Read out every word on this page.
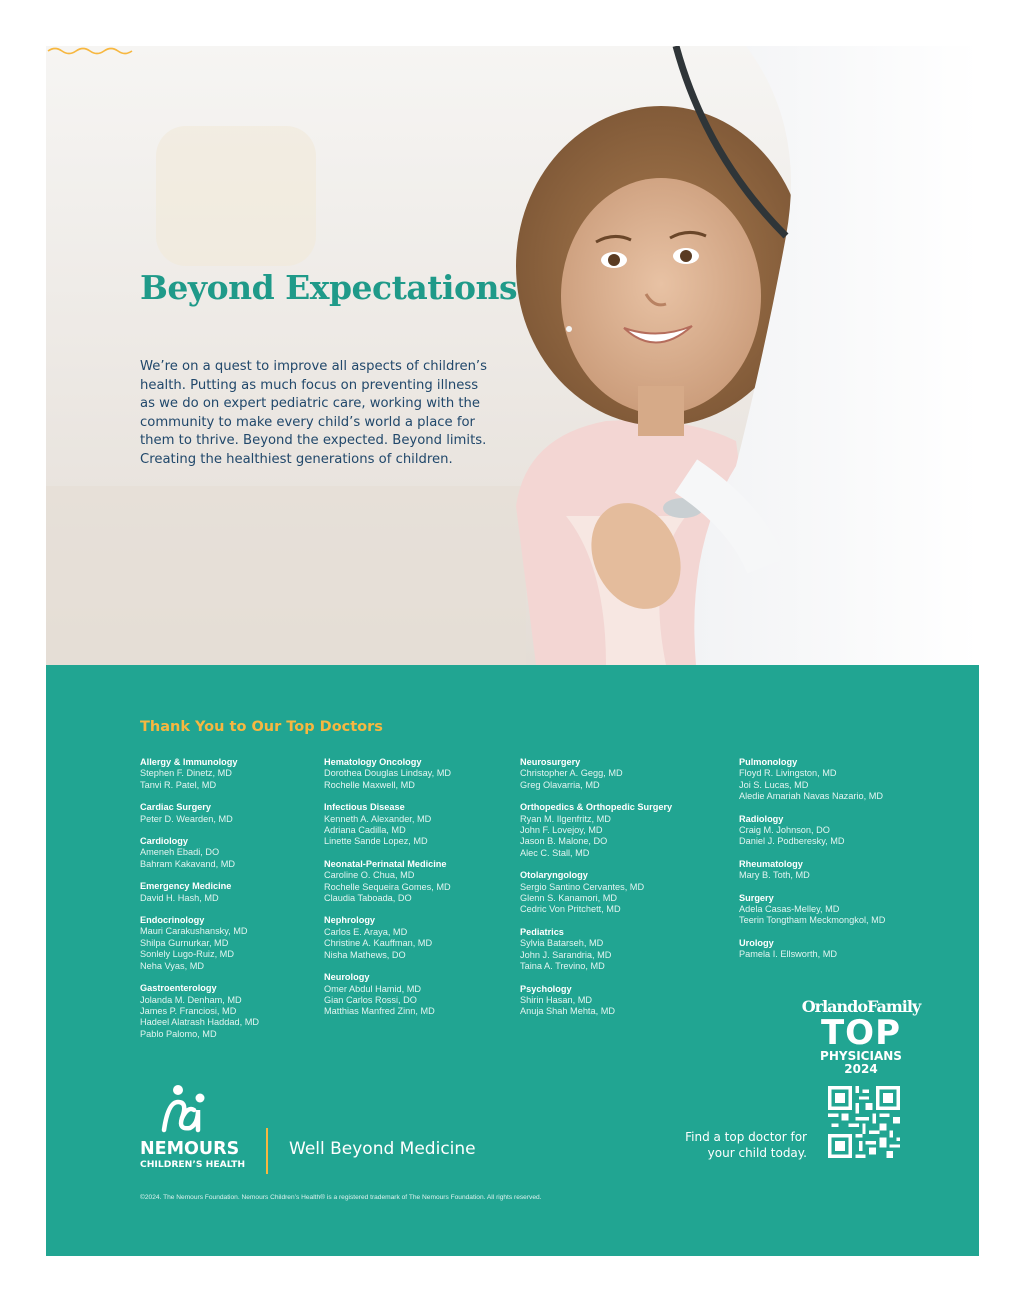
Beyond Expectations

We’re on a quest to improve all aspects of children’s
health. Putting as much focus on preventing illness
as we do on expert pediatric care, working with the
community to make every child’s world a place for
them to thrive. Beyond the expected. Beyond limits.
Creating the healthiest generations of children.

Thank You to Our Top Doctors
Allergy & Immunology
Stephen F. Dinetz, MD
Tanvi R. Patel, MD
Cardiac Surgery
Peter D. Wearden, MD
Cardiology
Ameneh Ebadi, DO
Bahram Kakavand, MD
Emergency Medicine
David H. Hash, MD
Endocrinology
Mauri Carakushansky, MD
Shilpa Gurnurkar, MD
Sonlely Lugo-Ruiz, MD
Neha Vyas, MD
Gastroenterology
Jolanda M. Denham, MD
James P. Franciosi, MD
Hadeel Alatrash Haddad, MD
Pablo Palomo, MD
Hematology Oncology
Dorothea Douglas Lindsay, MD
Rochelle Maxwell, MD
Infectious Disease
Kenneth A. Alexander, MD
Adriana Cadilla, MD
Linette Sande Lopez, MD
Neonatal-Perinatal Medicine
Caroline O. Chua, MD
Rochelle Sequeira Gomes, MD
Claudia Taboada, DO
Nephrology
Carlos E. Araya, MD
Christine A. Kauffman, MD
Nisha Mathews, DO
Neurology
Omer Abdul Hamid, MD
Gian Carlos Rossi, DO
Matthias Manfred Zinn, MD
Neurosurgery
Christopher A. Gegg, MD
Greg Olavarria, MD
Orthopedics & Orthopedic Surgery
Ryan M. Ilgenfritz, MD
John F. Lovejoy, MD
Jason B. Malone, DO
Alec C. Stall, MD
Otolaryngology
Sergio Santino Cervantes, MD
Glenn S. Kanamori, MD
Cedric Von Pritchett, MD
Pediatrics
Sylvia Batarseh, MD
John J. Sarandria, MD
Taina A. Trevino, MD
Psychology
Shirin Hasan, MD
Anuja Shah Mehta, MD
Pulmonology
Floyd R. Livingston, MD
Joi S. Lucas, MD
Aledie Amariah Navas Nazario, MD
Radiology
Craig M. Johnson, DO
Daniel J. Podberesky, MD
Rheumatology
Mary B. Toth, MD
Surgery
Adela Casas-Melley, MD
Teerin Tongtham Meckmongkol, MD
Urology
Pamela I. Ellsworth, MD
OrlandoFamily
TOP
PHYSICIANS
2024
NEMOURS
CHILDREN’S HEALTH

Well Beyond Medicine

Find a top doctor for
your child today.

©2024. The Nemours Foundation. Nemours Children’s Health® is a registered trademark of The Nemours Foundation. All rights reserved.
